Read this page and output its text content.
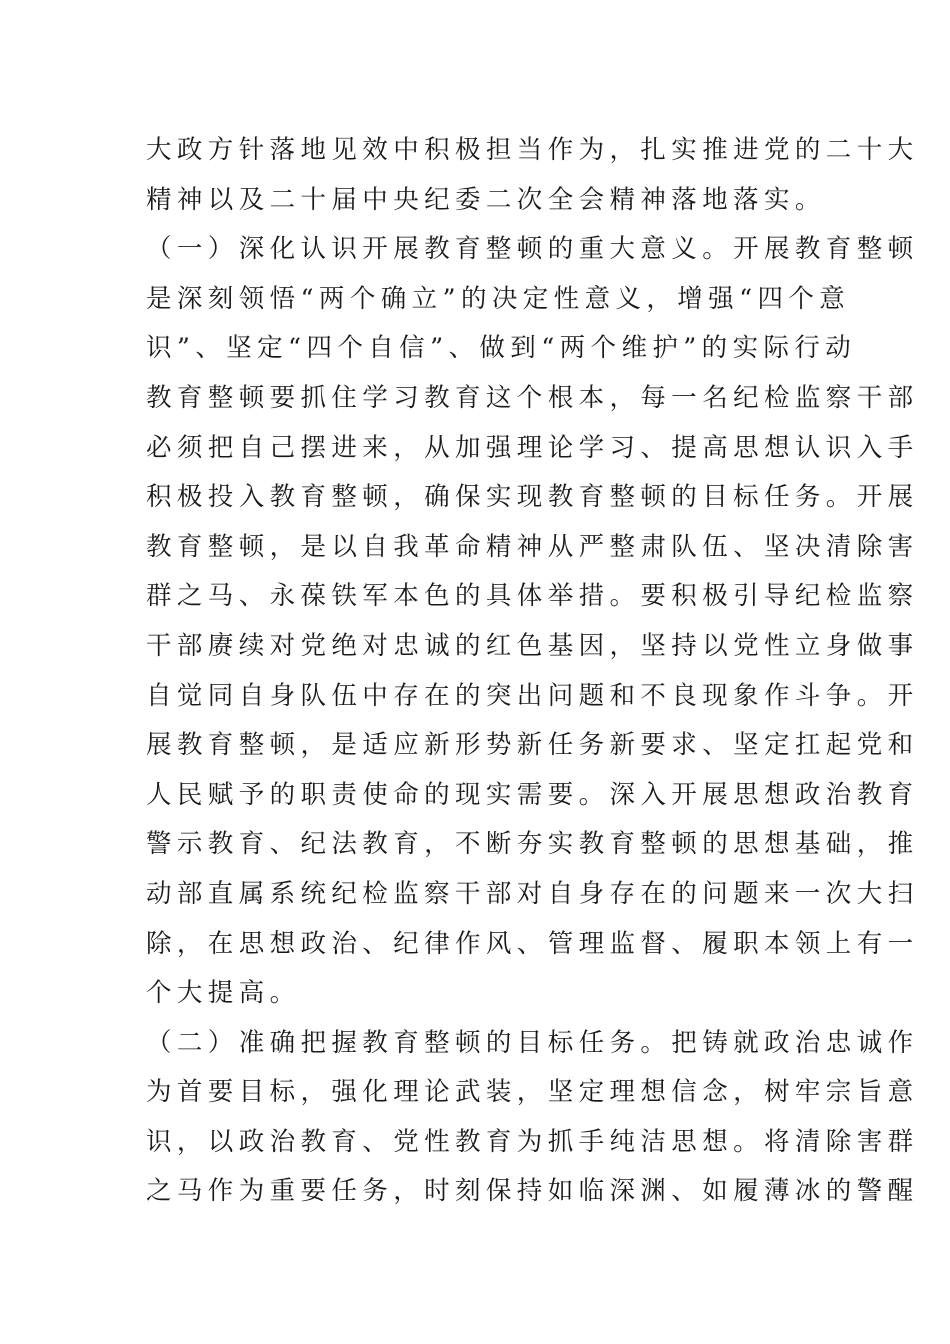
大政方针落地见效中积极担当作为，扎实推进党的二十大
精神以及二十届中央纪委二次全会精神落地落实。
（一）深化认识开展教育整顿的重大意义。开展教育整顿
是深刻领悟“两个确立”的决定性意义，增强“四个意
识”、坚定“四个自信”、做到“两个维护”的实际行动
教育整顿要抓住学习教育这个根本，每一名纪检监察干部
必须把自己摆进来，从加强理论学习、提高思想认识入手
积极投入教育整顿，确保实现教育整顿的目标任务。开展
教育整顿，是以自我革命精神从严整肃队伍、坚决清除害
群之马、永葆铁军本色的具体举措。要积极引导纪检监察
干部赓续对党绝对忠诚的红色基因，坚持以党性立身做事
自觉同自身队伍中存在的突出问题和不良现象作斗争。开
展教育整顿，是适应新形势新任务新要求、坚定扛起党和
人民赋予的职责使命的现实需要。深入开展思想政治教育
警示教育、纪法教育，不断夯实教育整顿的思想基础，推
动部直属系统纪检监察干部对自身存在的问题来一次大扫
除，在思想政治、纪律作风、管理监督、履职本领上有一
个大提高。
（二）准确把握教育整顿的目标任务。把铸就政治忠诚作
为首要目标，强化理论武装，坚定理想信念，树牢宗旨意
识，以政治教育、党性教育为抓手纯洁思想。将清除害群
之马作为重要任务，时刻保持如临深渊、如履薄冰的警醒
